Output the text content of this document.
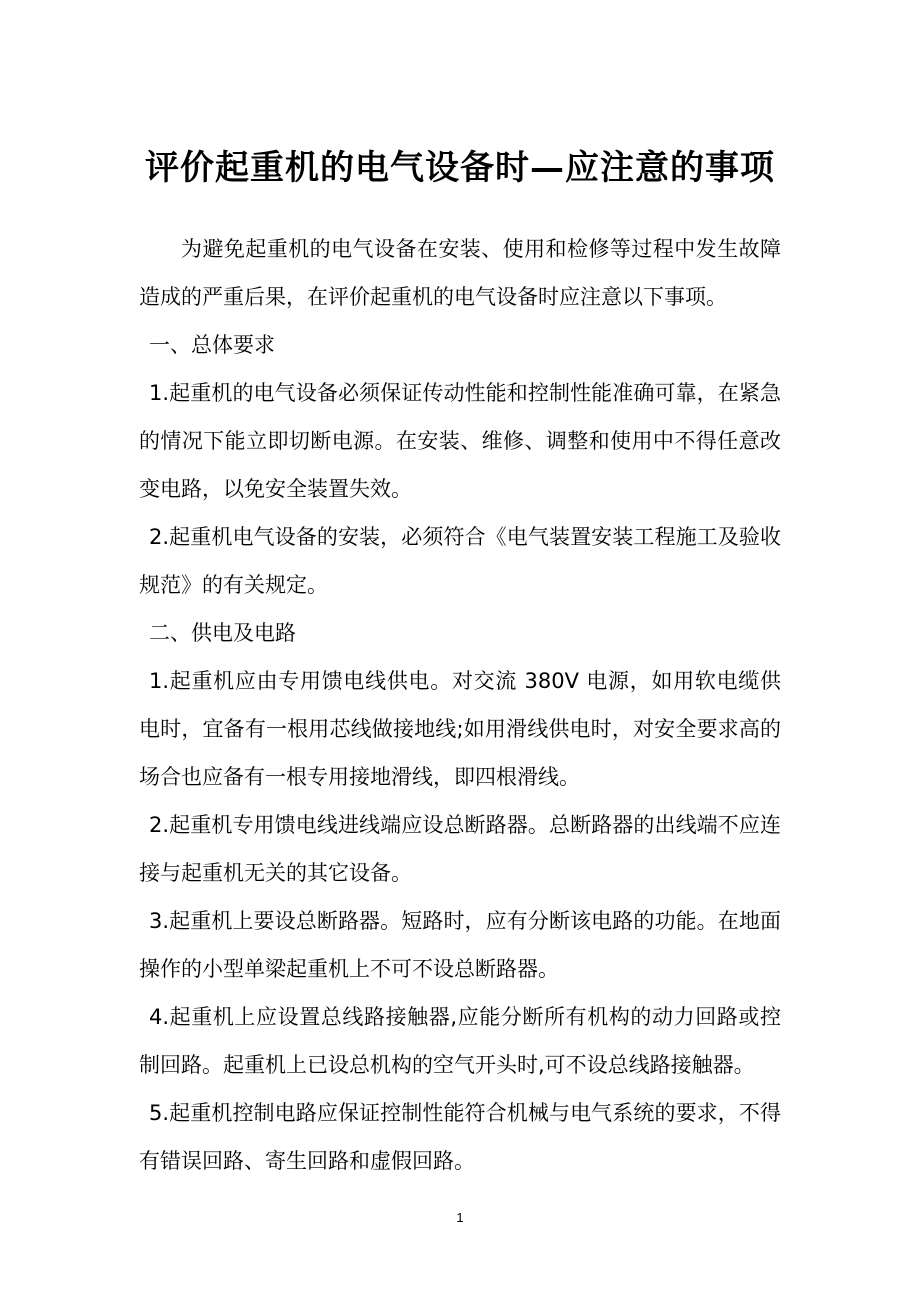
评价起重机的电气设备时—应注意的事项

为避免起重机的电气设备在安装、使用和检修等过程中发生故障造成的严重后果，在评价起重机的电气设备时应注意以下事项。

一、总体要求

1.起重机的电气设备必须保证传动性能和控制性能准确可靠，在紧急的情况下能立即切断电源。在安装、维修、调整和使用中不得任意改变电路，以免安全装置失效。

2.起重机电气设备的安装，必须符合《电气装置安装工程施工及验收规范》的有关规定。

二、供电及电路

1.起重机应由专用馈电线供电。对交流 380V 电源，如用软电缆供电时，宜备有一根用芯线做接地线;如用滑线供电时，对安全要求高的场合也应备有一根专用接地滑线，即四根滑线。

2.起重机专用馈电线进线端应设总断路器。总断路器的出线端不应连接与起重机无关的其它设备。

3.起重机上要设总断路器。短路时，应有分断该电路的功能。在地面操作的小型单梁起重机上不可不设总断路器。

4.起重机上应设置总线路接触器,应能分断所有机构的动力回路或控制回路。起重机上已设总机构的空气开头时,可不设总线路接触器。

5.起重机控制电路应保证控制性能符合机械与电气系统的要求，不得有错误回路、寄生回路和虚假回路。

1
